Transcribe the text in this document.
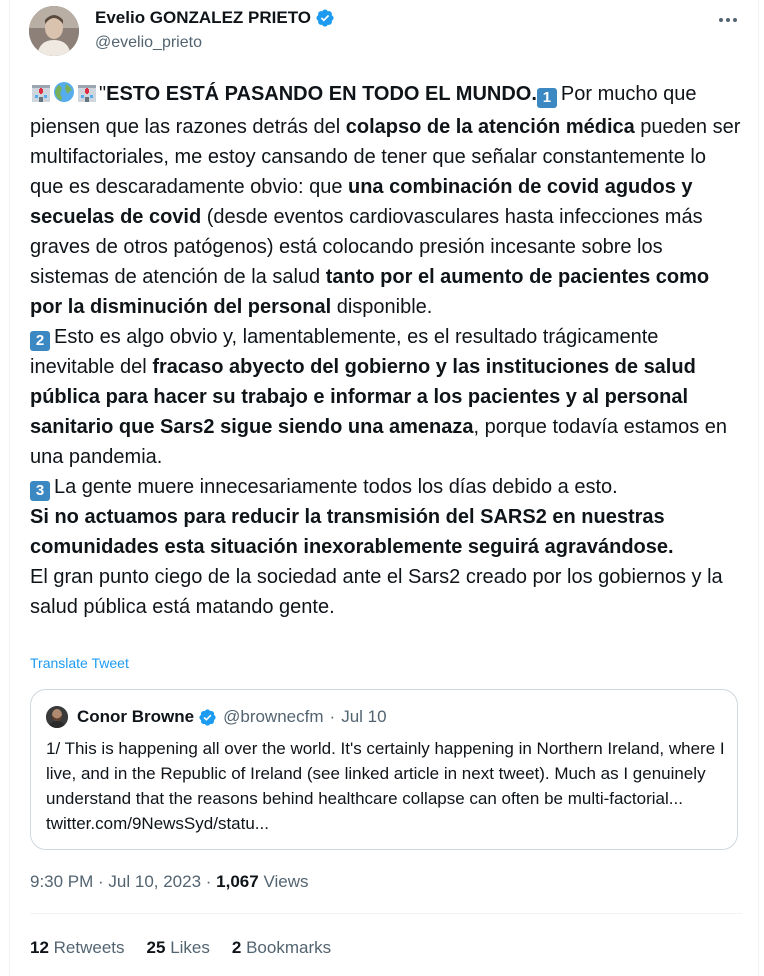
Evelio GONZALEZ PRIETO
@evelio_prieto

"ESTO ESTÁ PASANDO EN TODO EL MUNDO. 1 Por mucho que piensen que las razones detrás del colapso de la atención médica pueden ser multifactoriales, me estoy cansando de tener que señalar constantemente lo que es descaradamente obvio: que una combinación de covid agudos y secuelas de covid (desde eventos cardiovasculares hasta infecciones más graves de otros patógenos) está colocando presión incesante sobre los sistemas de atención de la salud tanto por el aumento de pacientes como por la disminución del personal disponible.

2 Esto es algo obvio y, lamentablemente, es el resultado trágicamente inevitable del fracaso abyecto del gobierno y las instituciones de salud pública para hacer su trabajo e informar a los pacientes y al personal sanitario que Sars2 sigue siendo una amenaza, porque todavía estamos en una pandemia.

3 La gente muere innecesariamente todos los días debido a esto.

Si no actuamos para reducir la transmisión del SARS2 en nuestras comunidades esta situación inexorablemente seguirá agravándose.

El gran punto ciego de la sociedad ante el Sars2 creado por los gobiernos y la salud pública está matando gente.

Translate Tweet
Conor Browne @brownecfm · Jul 10
1/ This is happening all over the world. It's certainly happening in Northern Ireland, where I live, and in the Republic of Ireland (see linked article in next tweet). Much as I genuinely understand that the reasons behind healthcare collapse can often be multi-factorial... twitter.com/9NewsSyd/statu...
9:30 PM · Jul 10, 2023 · 1,067 Views
12 Retweets 25 Likes 2 Bookmarks
